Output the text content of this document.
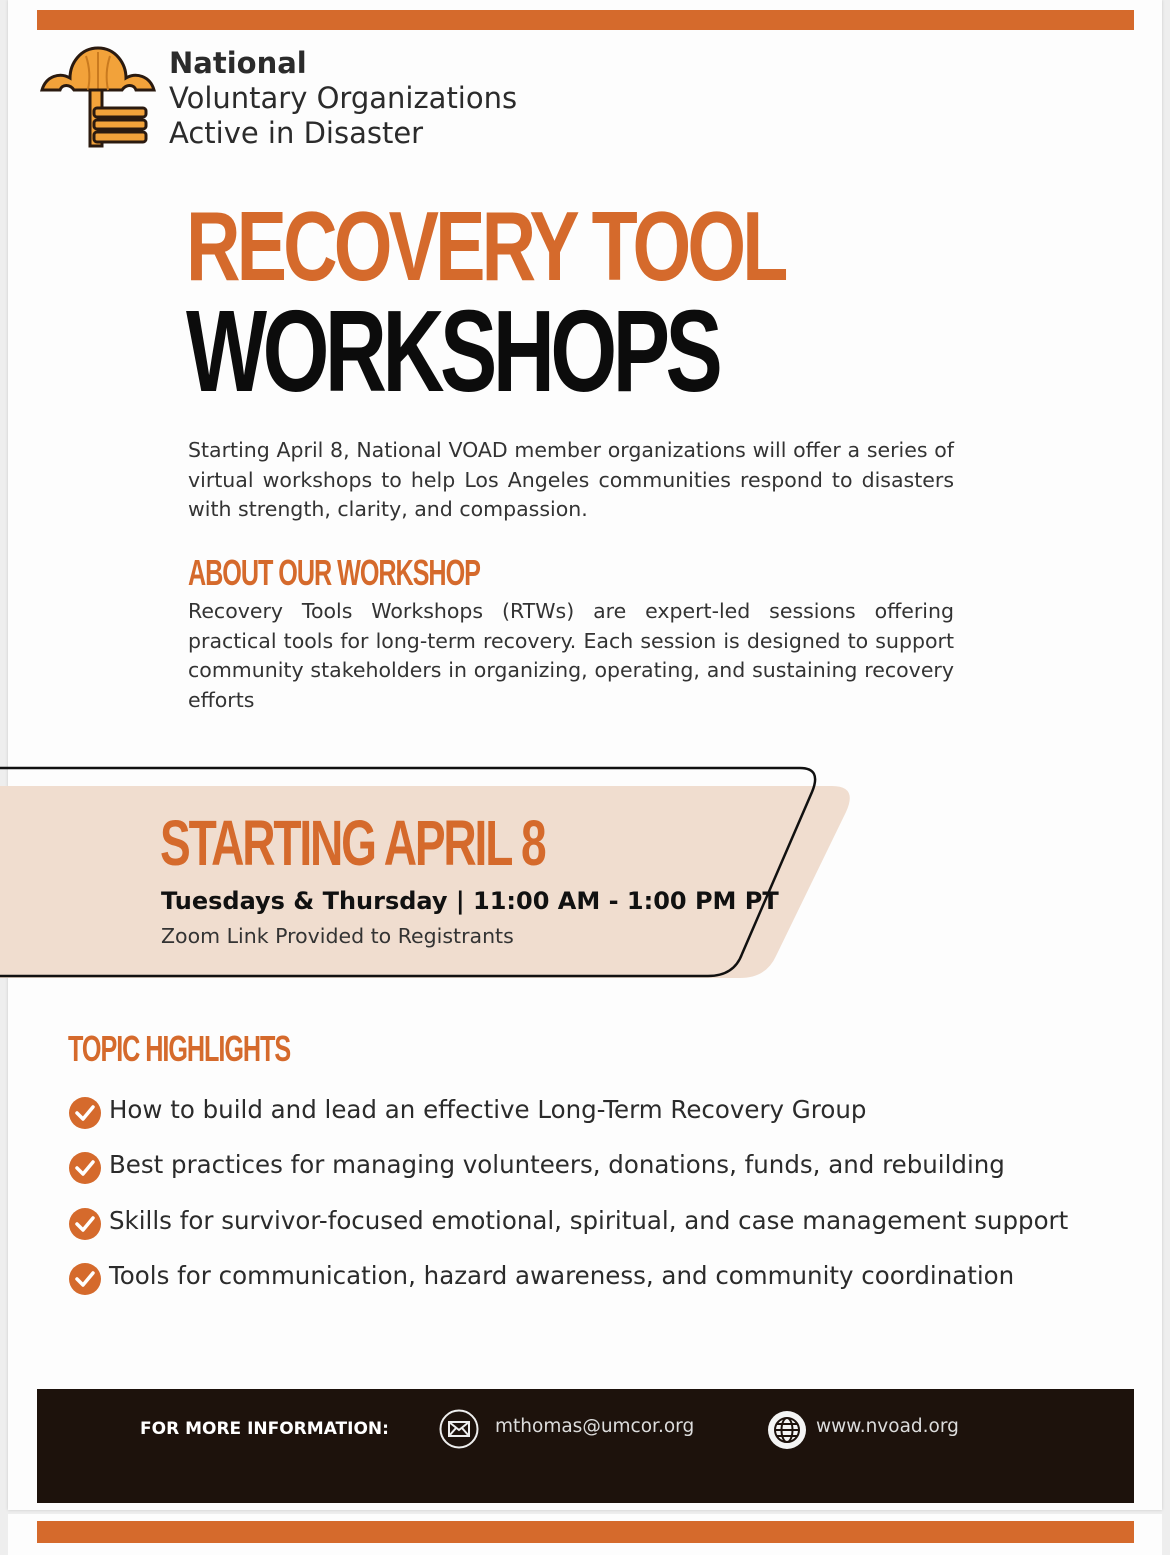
National
Voluntary Organizations
Active in Disaster
RECOVERY TOOL
WORKSHOPS
Starting April 8, National VOAD member organizations will offer a series of virtual workshops to help Los Angeles communities respond to disasters with strength, clarity, and compassion.
ABOUT OUR WORKSHOP
Recovery Tools Workshops (RTWs) are expert-led sessions offering practical tools for long-term recovery. Each session is designed to support community stakeholders in organizing, operating, and sustaining recovery efforts
STARTING APRIL 8
Tuesdays & Thursday | 11:00 AM - 1:00 PM PT
Zoom Link Provided to Registrants
TOPIC HIGHLIGHTS
How to build and lead an effective Long-Term Recovery Group
Best practices for managing volunteers, donations, funds, and rebuilding
Skills for survivor-focused emotional, spiritual, and case management support
Tools for communication, hazard awareness, and community coordination
FOR MORE INFORMATION:	mthomas@umcor.org	www.nvoad.org
